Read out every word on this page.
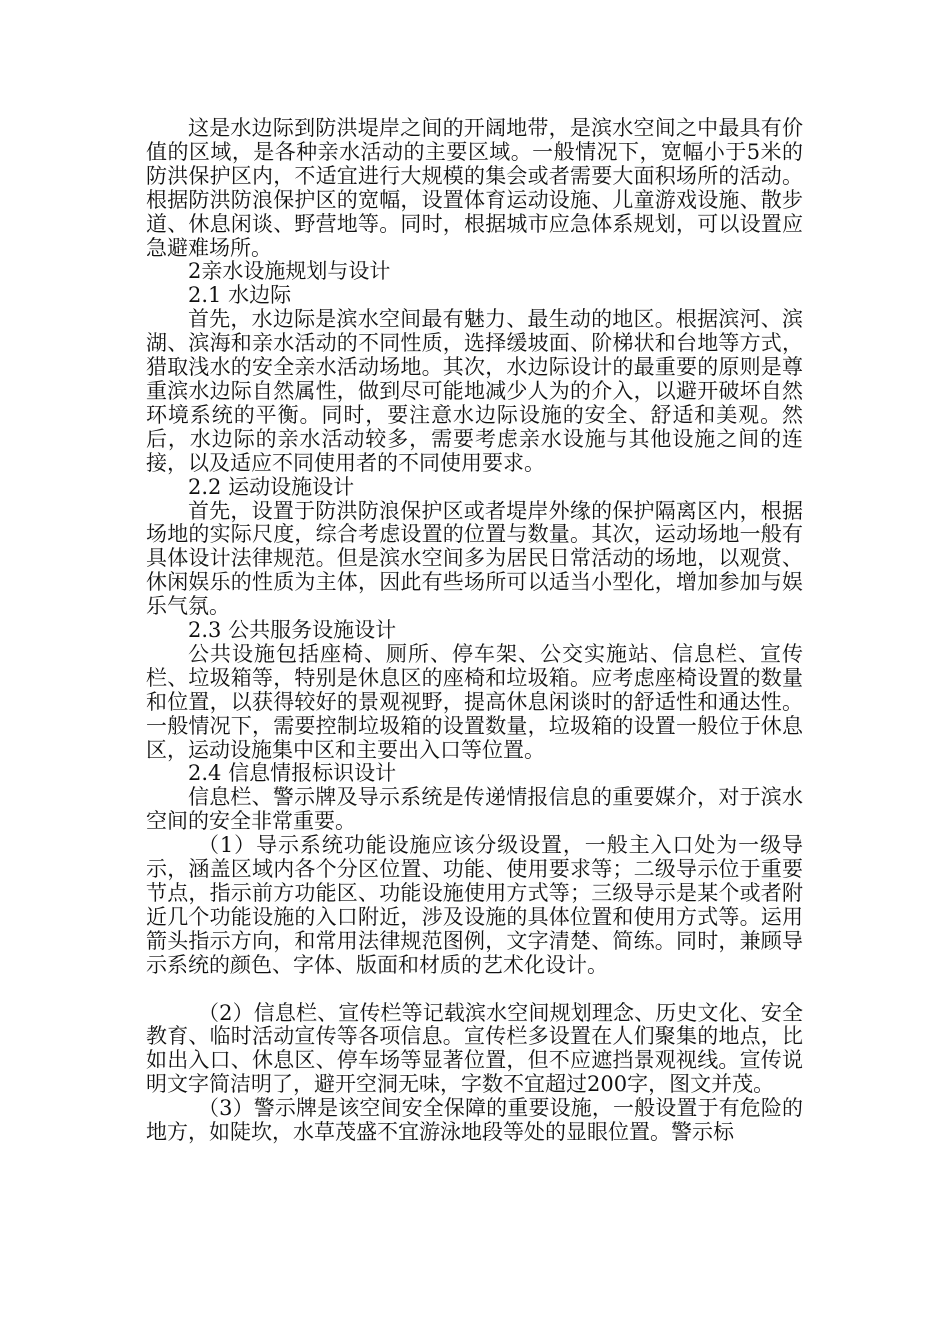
这是水边际到防洪堤岸之间的开阔地带，是滨水空间之中最具有价值的区域，是各种亲水活动的主要区域。一般情况下，宽幅小于5米的防洪保护区内，不适宜进行大规模的集会或者需要大面积场所的活动。根据防洪防浪保护区的宽幅，设置体育运动设施、儿童游戏设施、散步道、休息闲谈、野营地等。同时，根据城市应急体系规划，可以设置应急避难场所。

2亲水设施规划与设计

2.1 水边际

首先，水边际是滨水空间最有魅力、最生动的地区。根据滨河、滨湖、滨海和亲水活动的不同性质，选择缓坡面、阶梯状和台地等方式，猎取浅水的安全亲水活动场地。其次，水边际设计的最重要的原则是尊重滨水边际自然属性，做到尽可能地减少人为的介入，以避开破坏自然环境系统的平衡。同时，要注意水边际设施的安全、舒适和美观。然后，水边际的亲水活动较多，需要考虑亲水设施与其他设施之间的连接，以及适应不同使用者的不同使用要求。

2.2 运动设施设计

首先，设置于防洪防浪保护区或者堤岸外缘的保护隔离区内，根据场地的实际尺度，综合考虑设置的位置与数量。其次，运动场地一般有具体设计法律规范。但是滨水空间多为居民日常活动的场地，以观赏、休闲娱乐的性质为主体，因此有些场所可以适当小型化，增加参加与娱乐气氛。

2.3 公共服务设施设计

公共设施包括座椅、厕所、停车架、公交实施站、信息栏、宣传栏、垃圾箱等，特别是休息区的座椅和垃圾箱。应考虑座椅设置的数量和位置，以获得较好的景观视野，提高休息闲谈时的舒适性和通达性。一般情况下，需要控制垃圾箱的设置数量，垃圾箱的设置一般位于休息区，运动设施集中区和主要出入口等位置。

2.4 信息情报标识设计

信息栏、警示牌及导示系统是传递情报信息的重要媒介，对于滨水空间的安全非常重要。

（1）导示系统功能设施应该分级设置，一般主入口处为一级导示，涵盖区域内各个分区位置、功能、使用要求等；二级导示位于重要节点，指示前方功能区、功能设施使用方式等；三级导示是某个或者附近几个功能设施的入口附近，涉及设施的具体位置和使用方式等。运用箭头指示方向，和常用法律规范图例，文字清楚、简练。同时，兼顾导示系统的颜色、字体、版面和材质的艺术化设计。

（2）信息栏、宣传栏等记载滨水空间规划理念、历史文化、安全教育、临时活动宣传等各项信息。宣传栏多设置在人们聚集的地点，比如出入口、休息区、停车场等显著位置，但不应遮挡景观视线。宣传说明文字简洁明了，避开空洞无味，字数不宜超过200字，图文并茂。

（3）警示牌是该空间安全保障的重要设施，一般设置于有危险的地方，如陡坎，水草茂盛不宜游泳地段等处的显眼位置。警示标
